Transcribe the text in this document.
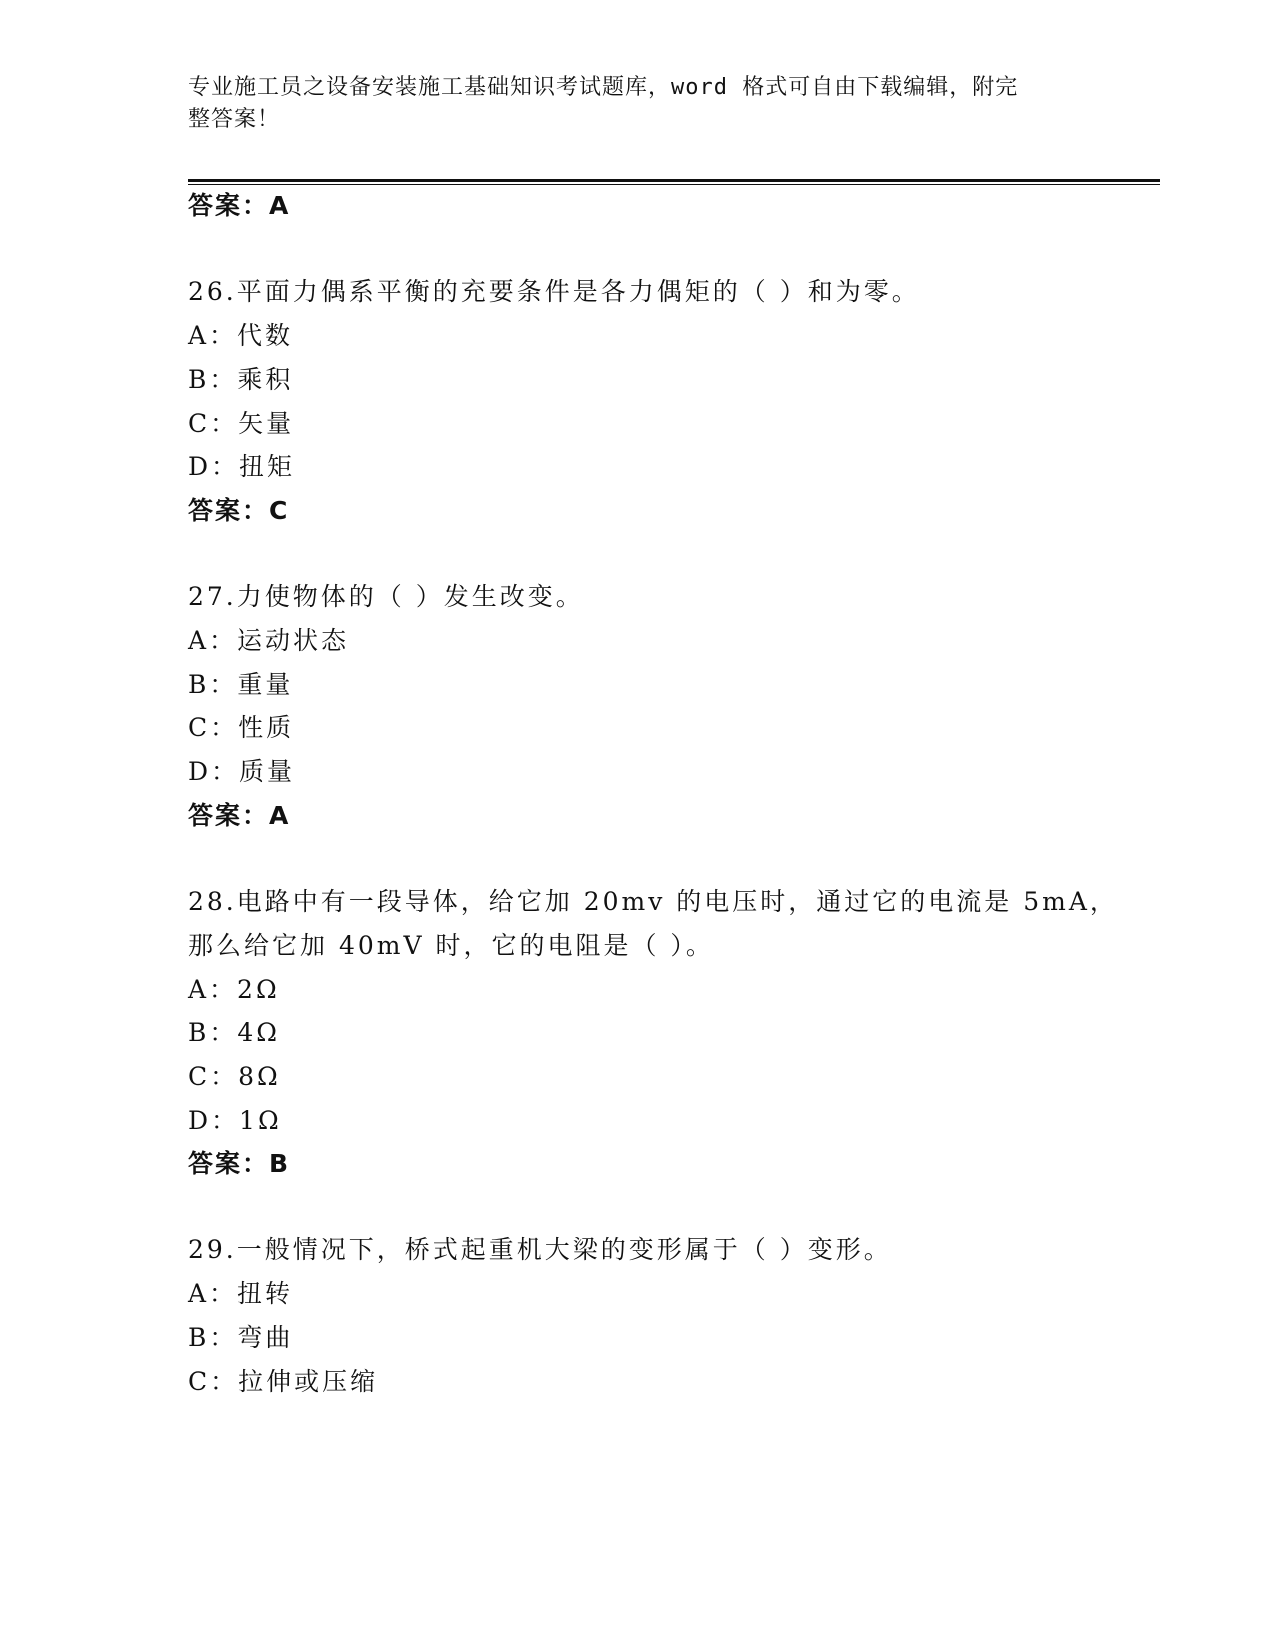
专业施工员之设备安装施工基础知识考试题库，word 格式可自由下载编辑，附完
整答案！
答案：A
26.平面力偶系平衡的充要条件是各力偶矩的（ ）和为零。
A：代数
B：乘积
C：矢量
D：扭矩
答案：C
27.力使物体的（ ）发生改变。
A：运动状态
B：重量
C：性质
D：质量
答案：A
28.电路中有一段导体，给它加 20mv 的电压时，通过它的电流是 5mA，
那么给它加 40mV 时，它的电阻是（ ）。
A：2Ω
B：4Ω
C：8Ω
D：1Ω
答案：B
29.一般情况下，桥式起重机大梁的变形属于（ ）变形。
A：扭转
B：弯曲
C：拉伸或压缩
